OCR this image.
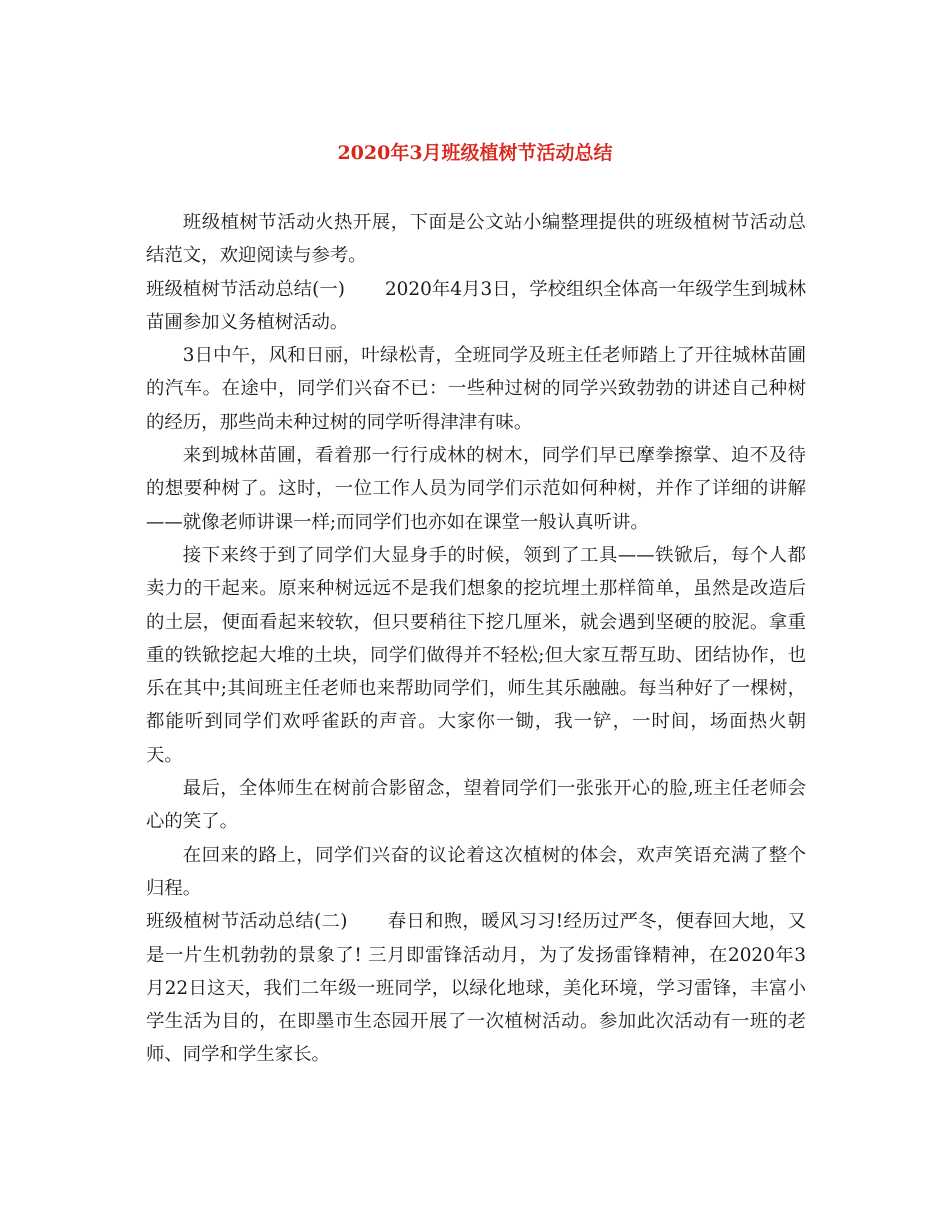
2020年3月班级植树节活动总结

班级植树节活动火热开展，下面是公文站小编整理提供的班级植树节活动总结范文，欢迎阅读与参考。

班级植树节活动总结(一) 2020年4月3日，学校组织全体高一年级学生到城林苗圃参加义务植树活动。

3日中午，风和日丽，叶绿松青，全班同学及班主任老师踏上了开往城林苗圃的汽车。在途中，同学们兴奋不已：一些种过树的同学兴致勃勃的讲述自己种树的经历，那些尚未种过树的同学听得津津有味。

来到城林苗圃，看着那一行行成林的树木，同学们早已摩拳擦掌、迫不及待的想要种树了。这时，一位工作人员为同学们示范如何种树，并作了详细的讲解——就像老师讲课一样;而同学们也亦如在课堂一般认真听讲。

接下来终于到了同学们大显身手的时候，领到了工具——铁锨后，每个人都卖力的干起来。原来种树远远不是我们想象的挖坑埋土那样简单，虽然是改造后的土层，便面看起来较软，但只要稍往下挖几厘米，就会遇到坚硬的胶泥。拿重重的铁锨挖起大堆的土块，同学们做得并不轻松;但大家互帮互助、团结协作，也乐在其中;其间班主任老师也来帮助同学们，师生其乐融融。每当种好了一棵树，都能听到同学们欢呼雀跃的声音。大家你一锄，我一铲，一时间，场面热火朝天。

最后，全体师生在树前合影留念，望着同学们一张张开心的脸,班主任老师会心的笑了。

在回来的路上，同学们兴奋的议论着这次植树的体会，欢声笑语充满了整个归程。

班级植树节活动总结(二) 春日和煦，暖风习习!经历过严冬，便春回大地，又是一片生机勃勃的景象了! 三月即雷锋活动月，为了发扬雷锋精神，在2020年3月22日这天，我们二年级一班同学，以绿化地球，美化环境，学习雷锋，丰富小学生活为目的，在即墨市生态园开展了一次植树活动。参加此次活动有一班的老师、同学和学生家长。
